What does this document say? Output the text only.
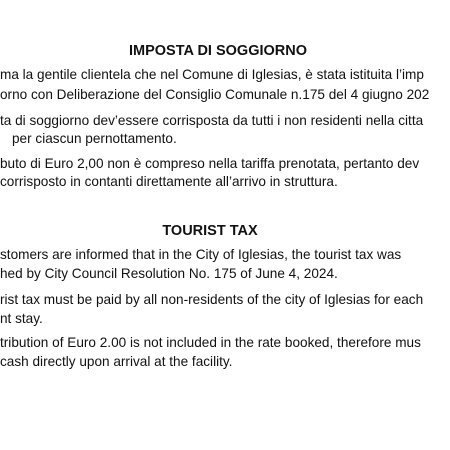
IMPOSTA DI SOGGIORNO

ma la gentile clientela che nel Comune di Iglesias, è stata istituita l’imp

orno con Deliberazione del Consiglio Comunale n.175 del 4 giugno 202

ta di soggiorno dev’essere corrisposta da tutti i non residenti nella citta

per ciascun pernottamento.

buto di Euro 2,00 non è compreso nella tariffa prenotata, pertanto dev

corrisposto in contanti direttamente all’arrivo in struttura.

TOURIST TAX

stomers are informed that in the City of Iglesias, the tourist tax was

hed by City Council Resolution No. 175 of June 4, 2024.

rist tax must be paid by all non-residents of the city of Iglesias for each

nt stay.

tribution of Euro 2.00 is not included in the rate booked, therefore mus

cash directly upon arrival at the facility.
